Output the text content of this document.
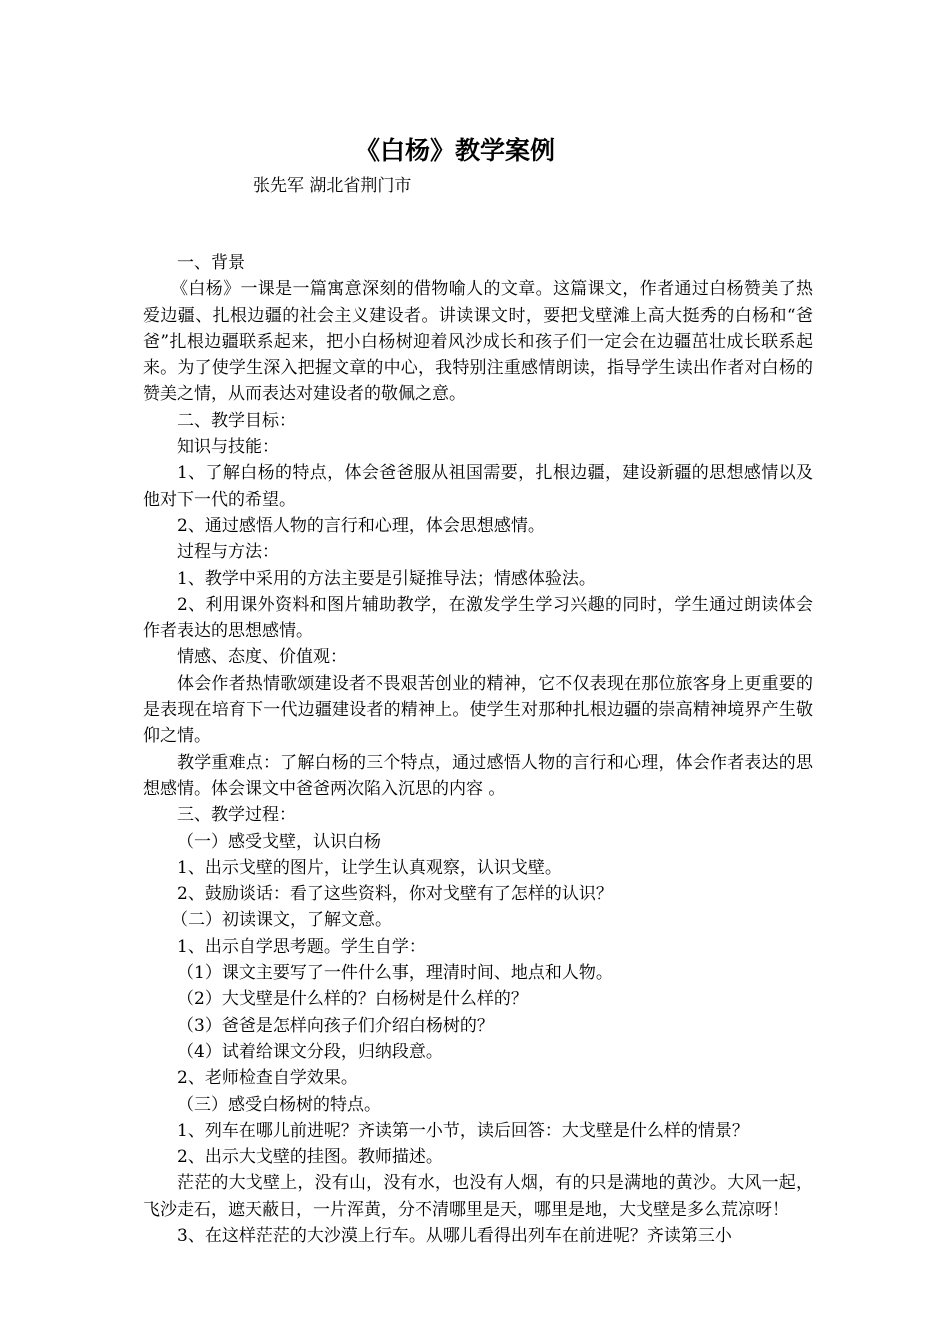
《白杨》教学案例
张先军 湖北省荆门市

一、背景

《白杨》一课是一篇寓意深刻的借物喻人的文章。这篇课文，作者通过白杨赞美了热爱边疆、扎根边疆的社会主义建设者。讲读课文时，要把戈壁滩上高大挺秀的白杨和“爸爸”扎根边疆联系起来，把小白杨树迎着风沙成长和孩子们一定会在边疆茁壮成长联系起来。为了使学生深入把握文章的中心，我特别注重感情朗读，指导学生读出作者对白杨的赞美之情，从而表达对建设者的敬佩之意。

二、教学目标：

知识与技能：

1、了解白杨的特点，体会爸爸服从祖国需要，扎根边疆，建设新疆的思想感情以及他对下一代的希望。

2、通过感悟人物的言行和心理，体会思想感情。

过程与方法：

1、教学中采用的方法主要是引疑推导法；情感体验法。

2、利用课外资料和图片辅助教学，在激发学生学习兴趣的同时，学生通过朗读体会作者表达的思想感情。

情感、态度、价值观：

体会作者热情歌颂建设者不畏艰苦创业的精神，它不仅表现在那位旅客身上更重要的是表现在培育下一代边疆建设者的精神上。使学生对那种扎根边疆的崇高精神境界产生敬仰之情。

教学重难点：了解白杨的三个特点，通过感悟人物的言行和心理，体会作者表达的思想感情。体会课文中爸爸两次陷入沉思的内容 。

三、教学过程：

（一）感受戈壁，认识白杨

1、出示戈壁的图片，让学生认真观察，认识戈壁。

2、鼓励谈话：看了这些资料，你对戈壁有了怎样的认识？

（二）初读课文，了解文意。

1、出示自学思考题。学生自学：

（1）课文主要写了一件什么事，理清时间、地点和人物。

（2）大戈壁是什么样的？白杨树是什么样的？

（3）爸爸是怎样向孩子们介绍白杨树的？

（4）试着给课文分段，归纳段意。

2、老师检查自学效果。

（三）感受白杨树的特点。

1、列车在哪儿前进呢？齐读第一小节，读后回答：大戈壁是什么样的情景？

2、出示大戈壁的挂图。教师描述。

茫茫的大戈壁上，没有山，没有水，也没有人烟，有的只是满地的黄沙。大风一起，飞沙走石，遮天蔽日，一片浑黄，分不清哪里是天，哪里是地，大戈壁是多么荒凉呀！

3、在这样茫茫的大沙漠上行车。从哪儿看得出列车在前进呢？齐读第三小
